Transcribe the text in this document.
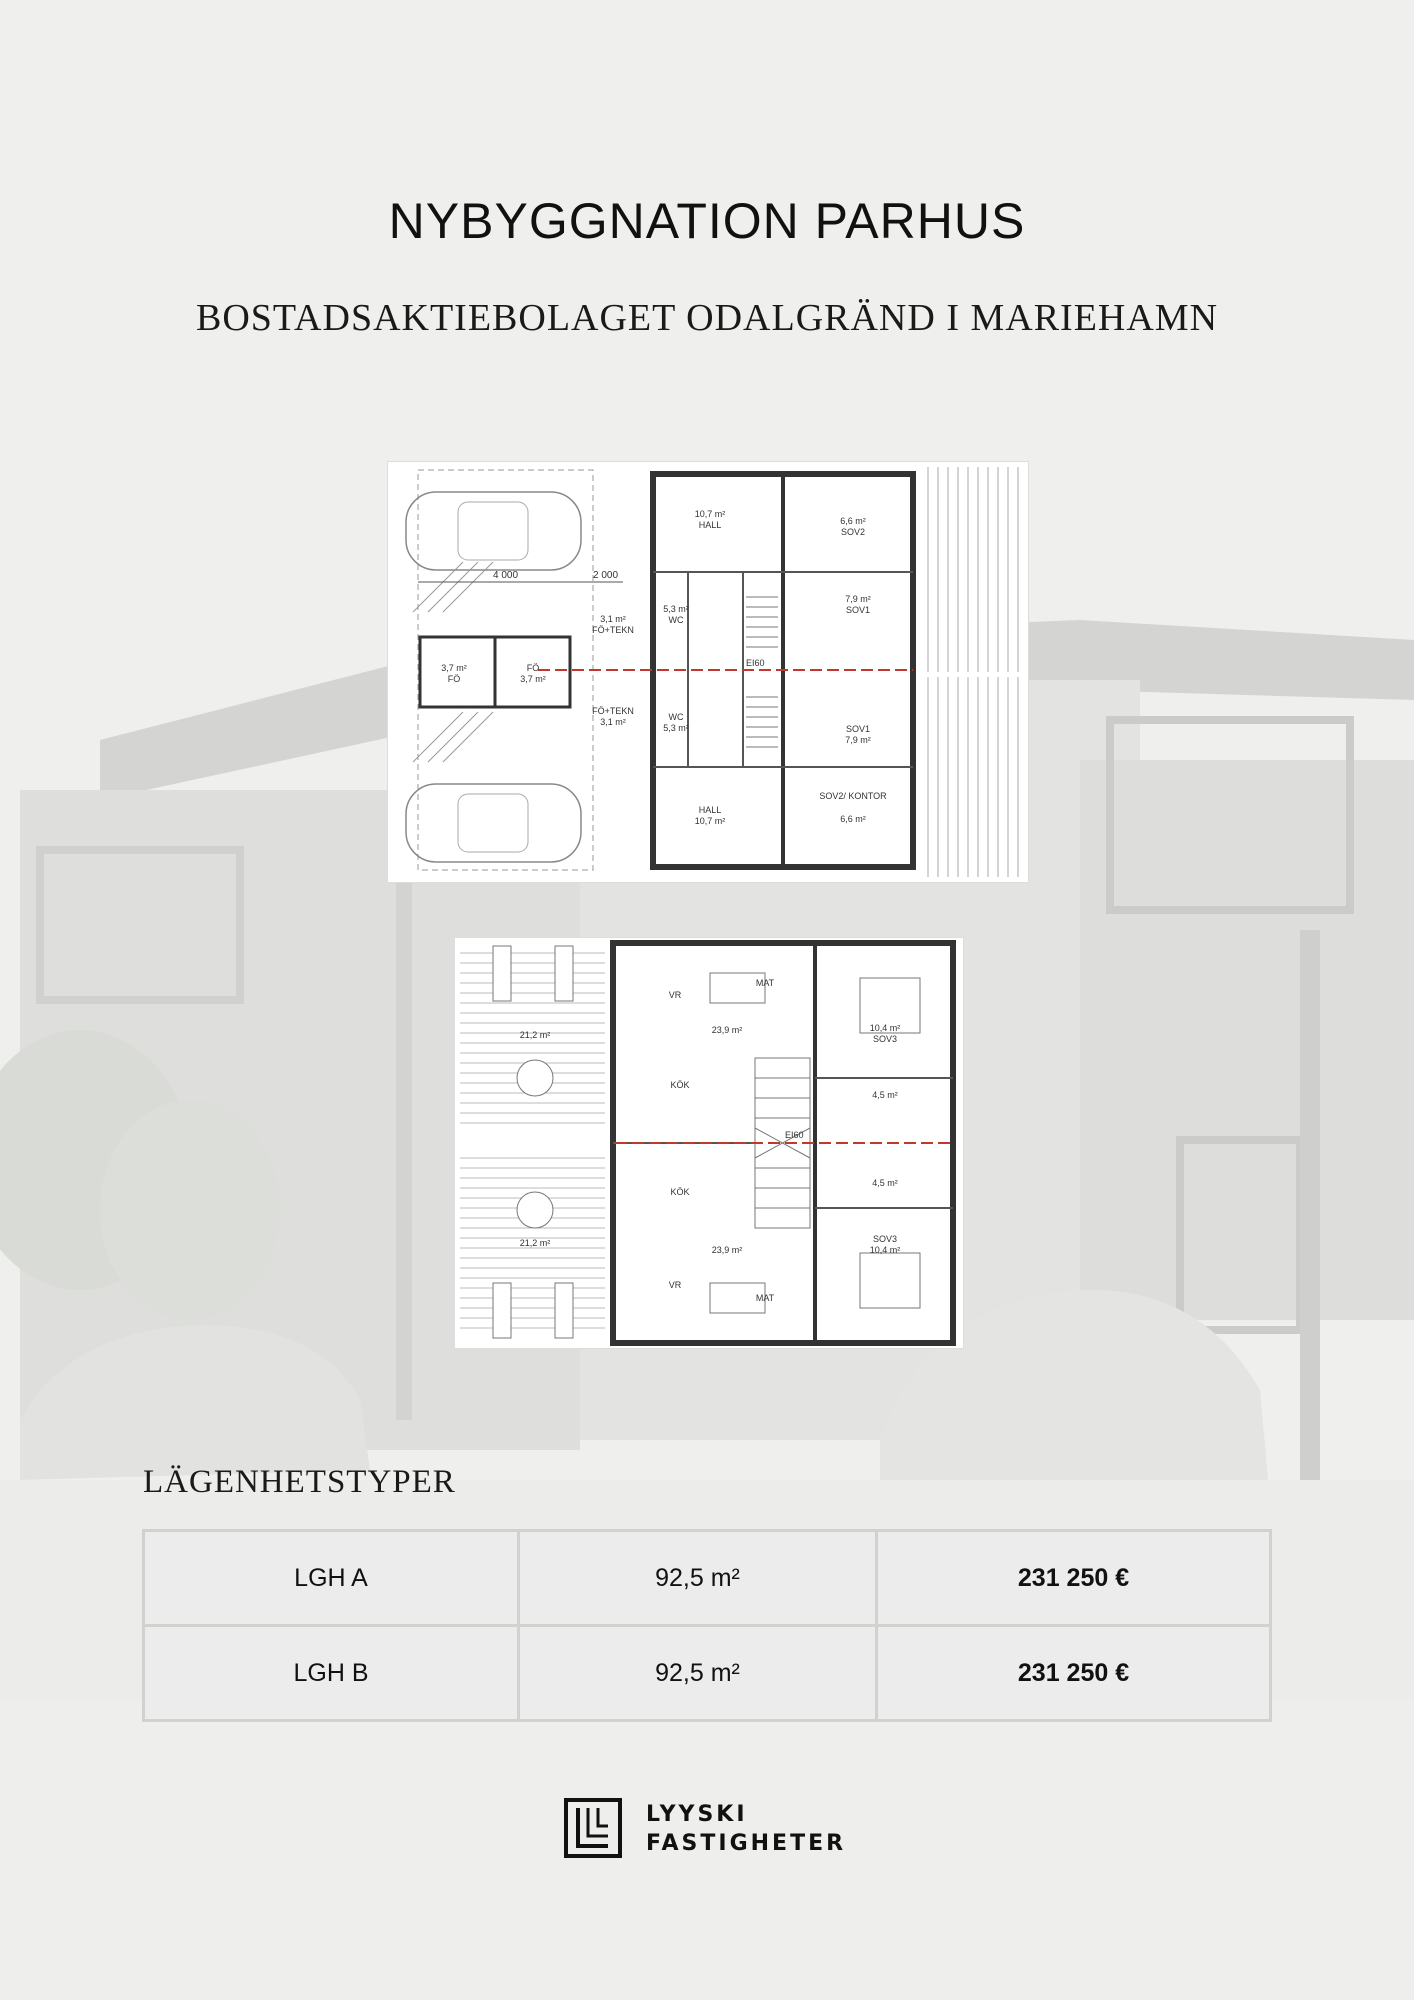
NYBYGGNATION PARHUS
BOSTADSAKTIEBOLAGET ODALGRÄND I MARIEHAMN
4 000	2 000
EI60
10,7 m²
HALL	6,6 m²
SOV2
3,1 m²
FÖ+TEKN
5,3 m²
WC
7,9 m²
SOV1
3,7 m²
FÖ
FÖ
3,7 m²
FÖ+TEKN
3,1 m²	WC
5,3 m²	SOV1
7,9 m²
HALL
10,7 m²
SOV2/ KONTOR
6,6 m²
EI60
21,2 m²
VR
MAT
23,9 m²	10,4 m²
SOV3
KÖK
4,5 m²
4,5 m²
KÖK
21,2 m²
23,9 m²
SOV3
10,4 m²
VR
MAT
LÄGENHETSTYPER
LGH A	92,5 m²	231 250 €
LGH B	92,5 m²	231 250 €
LYYSKI
FASTIGHETER
